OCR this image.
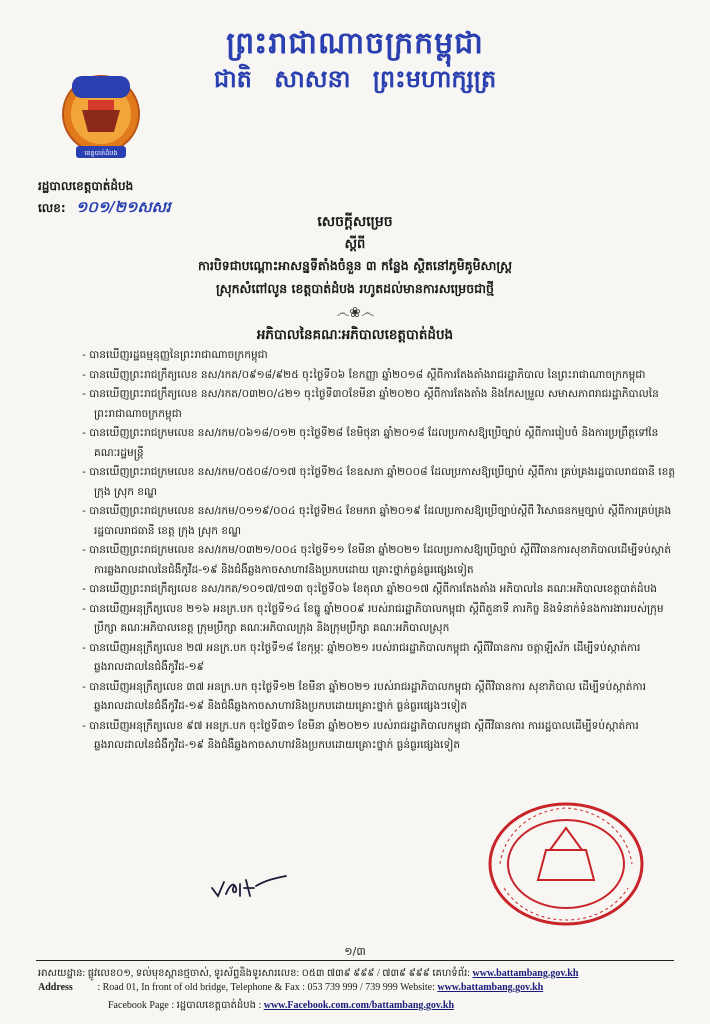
ព្រះរាជាណាចក្រកម្ពុជា
ជាតិ សាសនា ព្រះមហាក្សត្រ
ខេត្តបាត់ដំបង
រដ្ឋបាលខេត្តបាត់ដំបង
លេខ: ១០១/២១សសរ
សេចក្ដីសម្រេច
ស្ដីពី
ការបិទជាបណ្ដោះអាសន្នទីតាំងចំនួន ៣ កន្លែង ស្ថិតនៅភូមិគូមិសាស្ត្រ
ស្រុកសំពៅលូន ខេត្តបាត់ដំបង រហូតដល់មានការសម្រេចជាថ្មី
෴❀෴
អភិបាលនៃគណៈអភិបាលខេត្តបាត់ដំបង
- បានឃើញរដ្ឋធម្មនុញ្ញនៃព្រះរាជាណាចក្រកម្ពុជា
- បានឃើញព្រះរាជក្រឹត្យលេខ នស/រកត/០៩១៨/៩២៥ ចុះថ្ងៃទី០៦ ខែកញ្ញា ឆ្នាំ២០១៨ ស្ដីពីការតែងតាំងរាជរដ្ឋាភិបាល នៃព្រះរាជាណាចក្រកម្ពុជា
- បានឃើញព្រះរាជក្រឹត្យលេខ នស/រកត/០៣២០/៤២១ ចុះថ្ងៃទី៣០ខែមីនា ឆ្នាំ២០២០ ស្ដីពីការតែងតាំង និងកែសម្រួល សមាសភាពរាជរដ្ឋាភិបាលនៃព្រះរាជាណាចក្រកម្ពុជា
- បានឃើញព្រះរាជក្រមលេខ នស/រកម/០៦១៨/០១២ ចុះថ្ងៃទី២៨ ខែមិថុនា ឆ្នាំ២០១៨ ដែលប្រកាសឱ្យប្រើច្បាប់ ស្ដីពីការរៀបចំ និងការប្រព្រឹត្តទៅនៃគណៈរដ្ឋមន្ត្រី
- បានឃើញព្រះរាជក្រមលេខ នស/រកម/០៥០៨/០១៧ ចុះថ្ងៃទី២៤ ខែឧសភា ឆ្នាំ២០០៨ ដែលប្រកាសឱ្យប្រើច្បាប់ ស្ដីពីការ គ្រប់គ្រងរដ្ឋបាលរាជធានី ខេត្ត ក្រុង ស្រុក ខណ្ឌ
- បានឃើញព្រះរាជក្រមលេខ នស/រកម/០១១៩/០០៤ ចុះថ្ងៃទី២៤ ខែមករា ឆ្នាំ២០១៩ ដែលប្រកាសឱ្យប្រើច្បាប់ស្ដីពី វិសោធនកម្មច្បាប់ ស្ដីពីការគ្រប់គ្រងរដ្ឋបាលរាជធានី ខេត្ត ក្រុង ស្រុក ខណ្ឌ
- បានឃើញព្រះរាជក្រមលេខ នស/រកម/០៣២១/០០៤ ចុះថ្ងៃទី១១ ខែមីនា ឆ្នាំ២០២១ ដែលប្រកាសឱ្យប្រើច្បាប់ ស្ដីពីវិធានការសុខាភិបាលដើម្បីទប់ស្កាត់ការឆ្លងរាលដាលនៃជំងឺកូវីដ-១៩ និងជំងឺឆ្លងកាចសាហាវនិងប្រកបដោយ គ្រោះថ្នាក់ធ្ងន់ធ្ងរផ្សេងទៀត
- បានឃើញព្រះរាជក្រឹត្យលេខ នស/រកត/១០១៧/៧១៣ ចុះថ្ងៃទី០៦ ខែតុលា ឆ្នាំ២០១៧ ស្ដីពីការតែងតាំង អភិបាលនៃ គណៈអភិបាលខេត្តបាត់ដំបង
- បានឃើញអនុក្រឹត្យលេខ ២១៦ អនក្រ.បក ចុះថ្ងៃទី១៤ ខែធ្នូ ឆ្នាំ២០០៩ របស់រាជរដ្ឋាភិបាលកម្ពុជា ស្ដីពីតួនាទី ភារកិច្ច និងទំនាក់ទំនងការងាររបស់ក្រុមប្រឹក្សា គណៈអភិបាលខេត្ត ក្រុមប្រឹក្សា គណៈអភិបាលក្រុង និងក្រុមប្រឹក្សា គណៈអភិបាលស្រុក
- បានឃើញអនុក្រឹត្យលេខ ២៧ អនក្រ.បក ចុះថ្ងៃទី១៨ ខែកុម្ភៈ ឆ្នាំ២០២១ របស់រាជរដ្ឋាភិបាលកម្ពុជា ស្ដីពីវិធានការ ចត្តាឡីស័ក ដើម្បីទប់ស្កាត់ការឆ្លងរាលដាលនៃជំងឺកូវីដ-១៩
- បានឃើញអនុក្រឹត្យលេខ ៣៧ អនក្រ.បក ចុះថ្ងៃទី១២ ខែមីនា ឆ្នាំ២០២១ របស់រាជរដ្ឋាភិបាលកម្ពុជា ស្ដីពីវិធានការ សុខាភិបាល ដើម្បីទប់ស្កាត់ការឆ្លងរាលដាលនៃជំងឺកូវីដ-១៩ និងជំងឺឆ្លងកាចសាហាវនិងប្រកបដោយគ្រោះថ្នាក់ ធ្ងន់ធ្ងរផ្សេងៗទៀត
- បានឃើញអនុក្រឹត្យលេខ ៩៧ អនក្រ.បក ចុះថ្ងៃទី៣១ ខែមីនា ឆ្នាំ២០២១ របស់រាជរដ្ឋាភិបាលកម្ពុជា ស្ដីពីវិធានការ ការរដ្ឋបាលដើម្បីទប់ស្កាត់ការឆ្លងរាលដាលនៃជំងឺកូវីដ-១៩ និងជំងឺឆ្លងកាចសាហាវនិងប្រកបដោយគ្រោះថ្នាក់ ធ្ងន់ធ្ងរផ្សេងទៀត
១/៣
អាសយដ្ឋាន: ផ្លូវលេខ០១, ទល់មុខស្ពានថ្មចាស់, ទូរស័ព្ទនិងទូរសារលេខ: ០៥៣ ៧៣៩ ៩៩៩ / ៧៣៩ ៩៩៩ គេហទំព័រ: www.battambang.gov.kh
Address : Road 01, In front of old bridge, Telephone & Fax : 053 739 999 / 739 999 Website: www.battambang.gov.kh
Facebook Page : រដ្ឋបាលខេត្តបាត់ដំបង : www.Facebook.com.com/battambang.gov.kh
